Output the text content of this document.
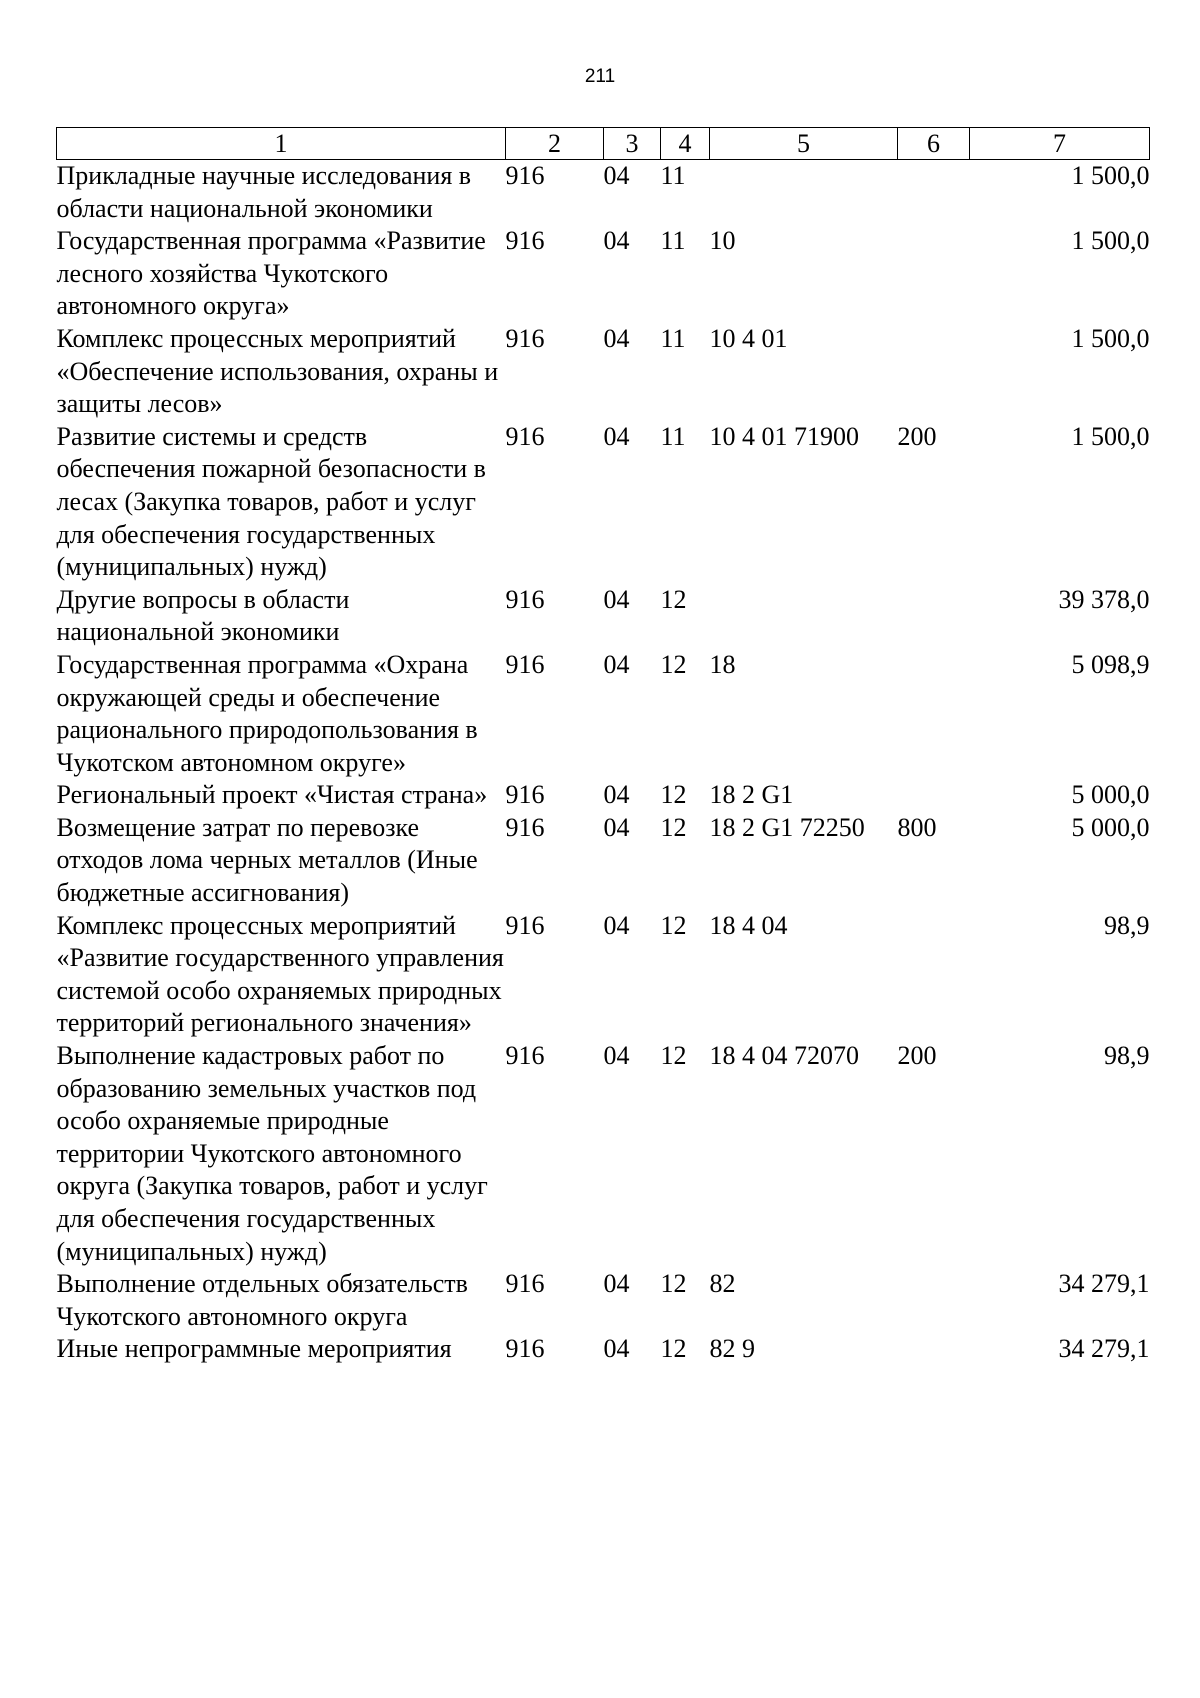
211
1	2	3	4	5	6	7
Прикладные научные исследования в области национальной экономики	916	04	11			1 500,0
Государственная программа «Развитие лесного хозяйства Чукотского автономного округа»	916	04	11	10		1 500,0
Комплекс процессных мероприятий «Обеспечение использования, охраны и защиты лесов»	916	04	11	10 4 01		1 500,0
Развитие системы и средств обеспечения пожарной безопасности в лесах (Закупка товаров, работ и услуг для обеспечения государственных (муниципальных) нужд)	916	04	11	10 4 01 71900	200	1 500,0
Другие вопросы в области национальной экономики	916	04	12			39 378,0
Государственная программа «Охрана окружающей среды и обеспечение рационального природопользования в Чукотском автономном округе»	916	04	12	18		5 098,9
Региональный проект «Чистая страна»	916	04	12	18 2 G1		5 000,0
Возмещение затрат по перевозке отходов лома черных металлов (Иные бюджетные ассигнования)	916	04	12	18 2 G1 72250	800	5 000,0
Комплекс процессных мероприятий «Развитие государственного управления системой особо охраняемых природных территорий регионального значения»	916	04	12	18 4 04		98,9
Выполнение кадастровых работ по образованию земельных участков под особо охраняемые природные территории Чукотского автономного округа (Закупка товаров, работ и услуг для обеспечения государственных (муниципальных) нужд)	916	04	12	18 4 04 72070	200	98,9
Выполнение отдельных обязательств Чукотского автономного округа	916	04	12	82		34 279,1
Иные непрограммные мероприятия	916	04	12	82 9		34 279,1
